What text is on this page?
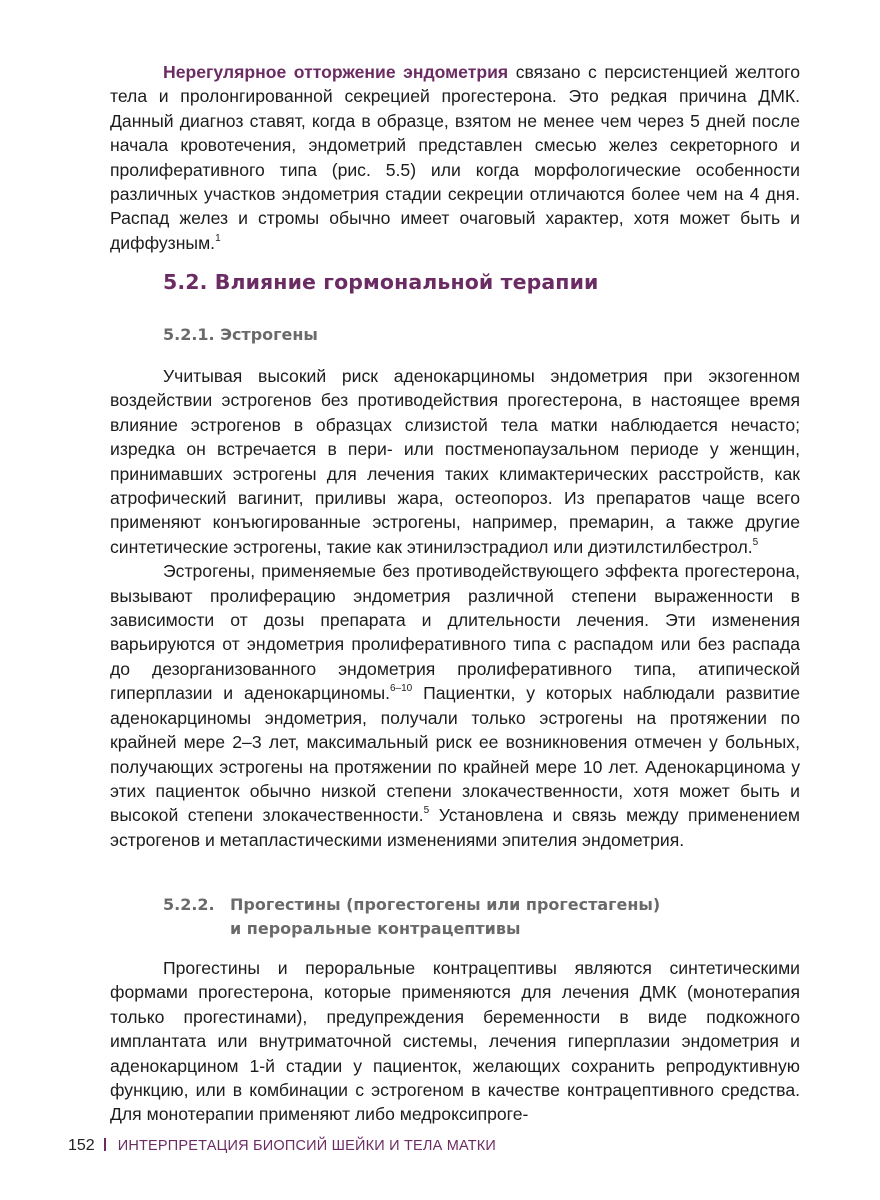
Нерегулярное отторжение эндометрия связано с персистенцией желтого тела и пролонгированной секрецией прогестерона. Это редкая причина ДМК. Данный диагноз ставят, когда в образце, взятом не менее чем через 5 дней после начала кровотечения, эндометрий представлен смесью желез секреторного и пролиферативного типа (рис. 5.5) или когда морфологические особенности различных участков эндометрия стадии секреции отличаются более чем на 4 дня. Распад желез и стромы обычно имеет очаговый характер, хотя может быть и диффузным.$^1$

5.2. Влияние гормональной терапии
5.2.1. Эстрогены

Учитывая высокий риск аденокарциномы эндометрия при экзогенном воздействии эстрогенов без противодействия прогестерона, в настоящее время влияние эстрогенов в образцах слизистой тела матки наблюдается нечасто; изредка он встречается в пери- или постменопаузальном периоде у женщин, принимавших эстрогены для лечения таких климактерических расстройств, как атрофический вагинит, приливы жара, остеопороз. Из препаратов чаще всего применяют конъюгированные эстрогены, например, премарин, а также другие синтетические эстрогены, такие как этинилэстрадиол или диэтилстилбестрол.$^5$

Эстрогены, применяемые без противодействующего эффекта прогестерона, вызывают пролиферацию эндометрия различной степени выраженности в зависимости от дозы препарата и длительности лечения. Эти изменения варьируются от эндометрия пролиферативного типа с распадом или без распада до дезорганизованного эндометрия пролиферативного типа, атипической гиперплазии и аденокарциномы.$^{6-10}$ Пациентки, у которых наблюдали развитие аденокарциномы эндометрия, получали только эстрогены на протяжении по крайней мере 2–3 лет, максимальный риск ее возникновения отмечен у больных, получающих эстрогены на протяжении по крайней мере 10 лет. Аденокарцинома у этих пациенток обычно низкой степени злокачественности, хотя может быть и высокой степени злокачественности.$^5$ Установлена и связь между применением эстрогенов и метапластическими изменениями эпителия эндометрия.

5.2.2. Прогестины (прогестогены или прогестагены)
и пероральные контрацептивы

Прогестины и пероральные контрацептивы являются синтетическими формами прогестерона, которые применяются для лечения ДМК (монотерапия только прогестинами), предупреждения беременности в виде подкожного имплантата или внутриматочной системы, лечения гиперплазии эндометрия и аденокарцином 1-й стадии у пациенток, желающих сохранить репродуктивную функцию, или в комбинации с эстрогеном в качестве контрацептивного средства. Для монотерапии применяют либо медроксипроге-

152 ИНТЕРПРЕТАЦИЯ БИОПСИЙ ШЕЙКИ И ТЕЛА МАТКИ
